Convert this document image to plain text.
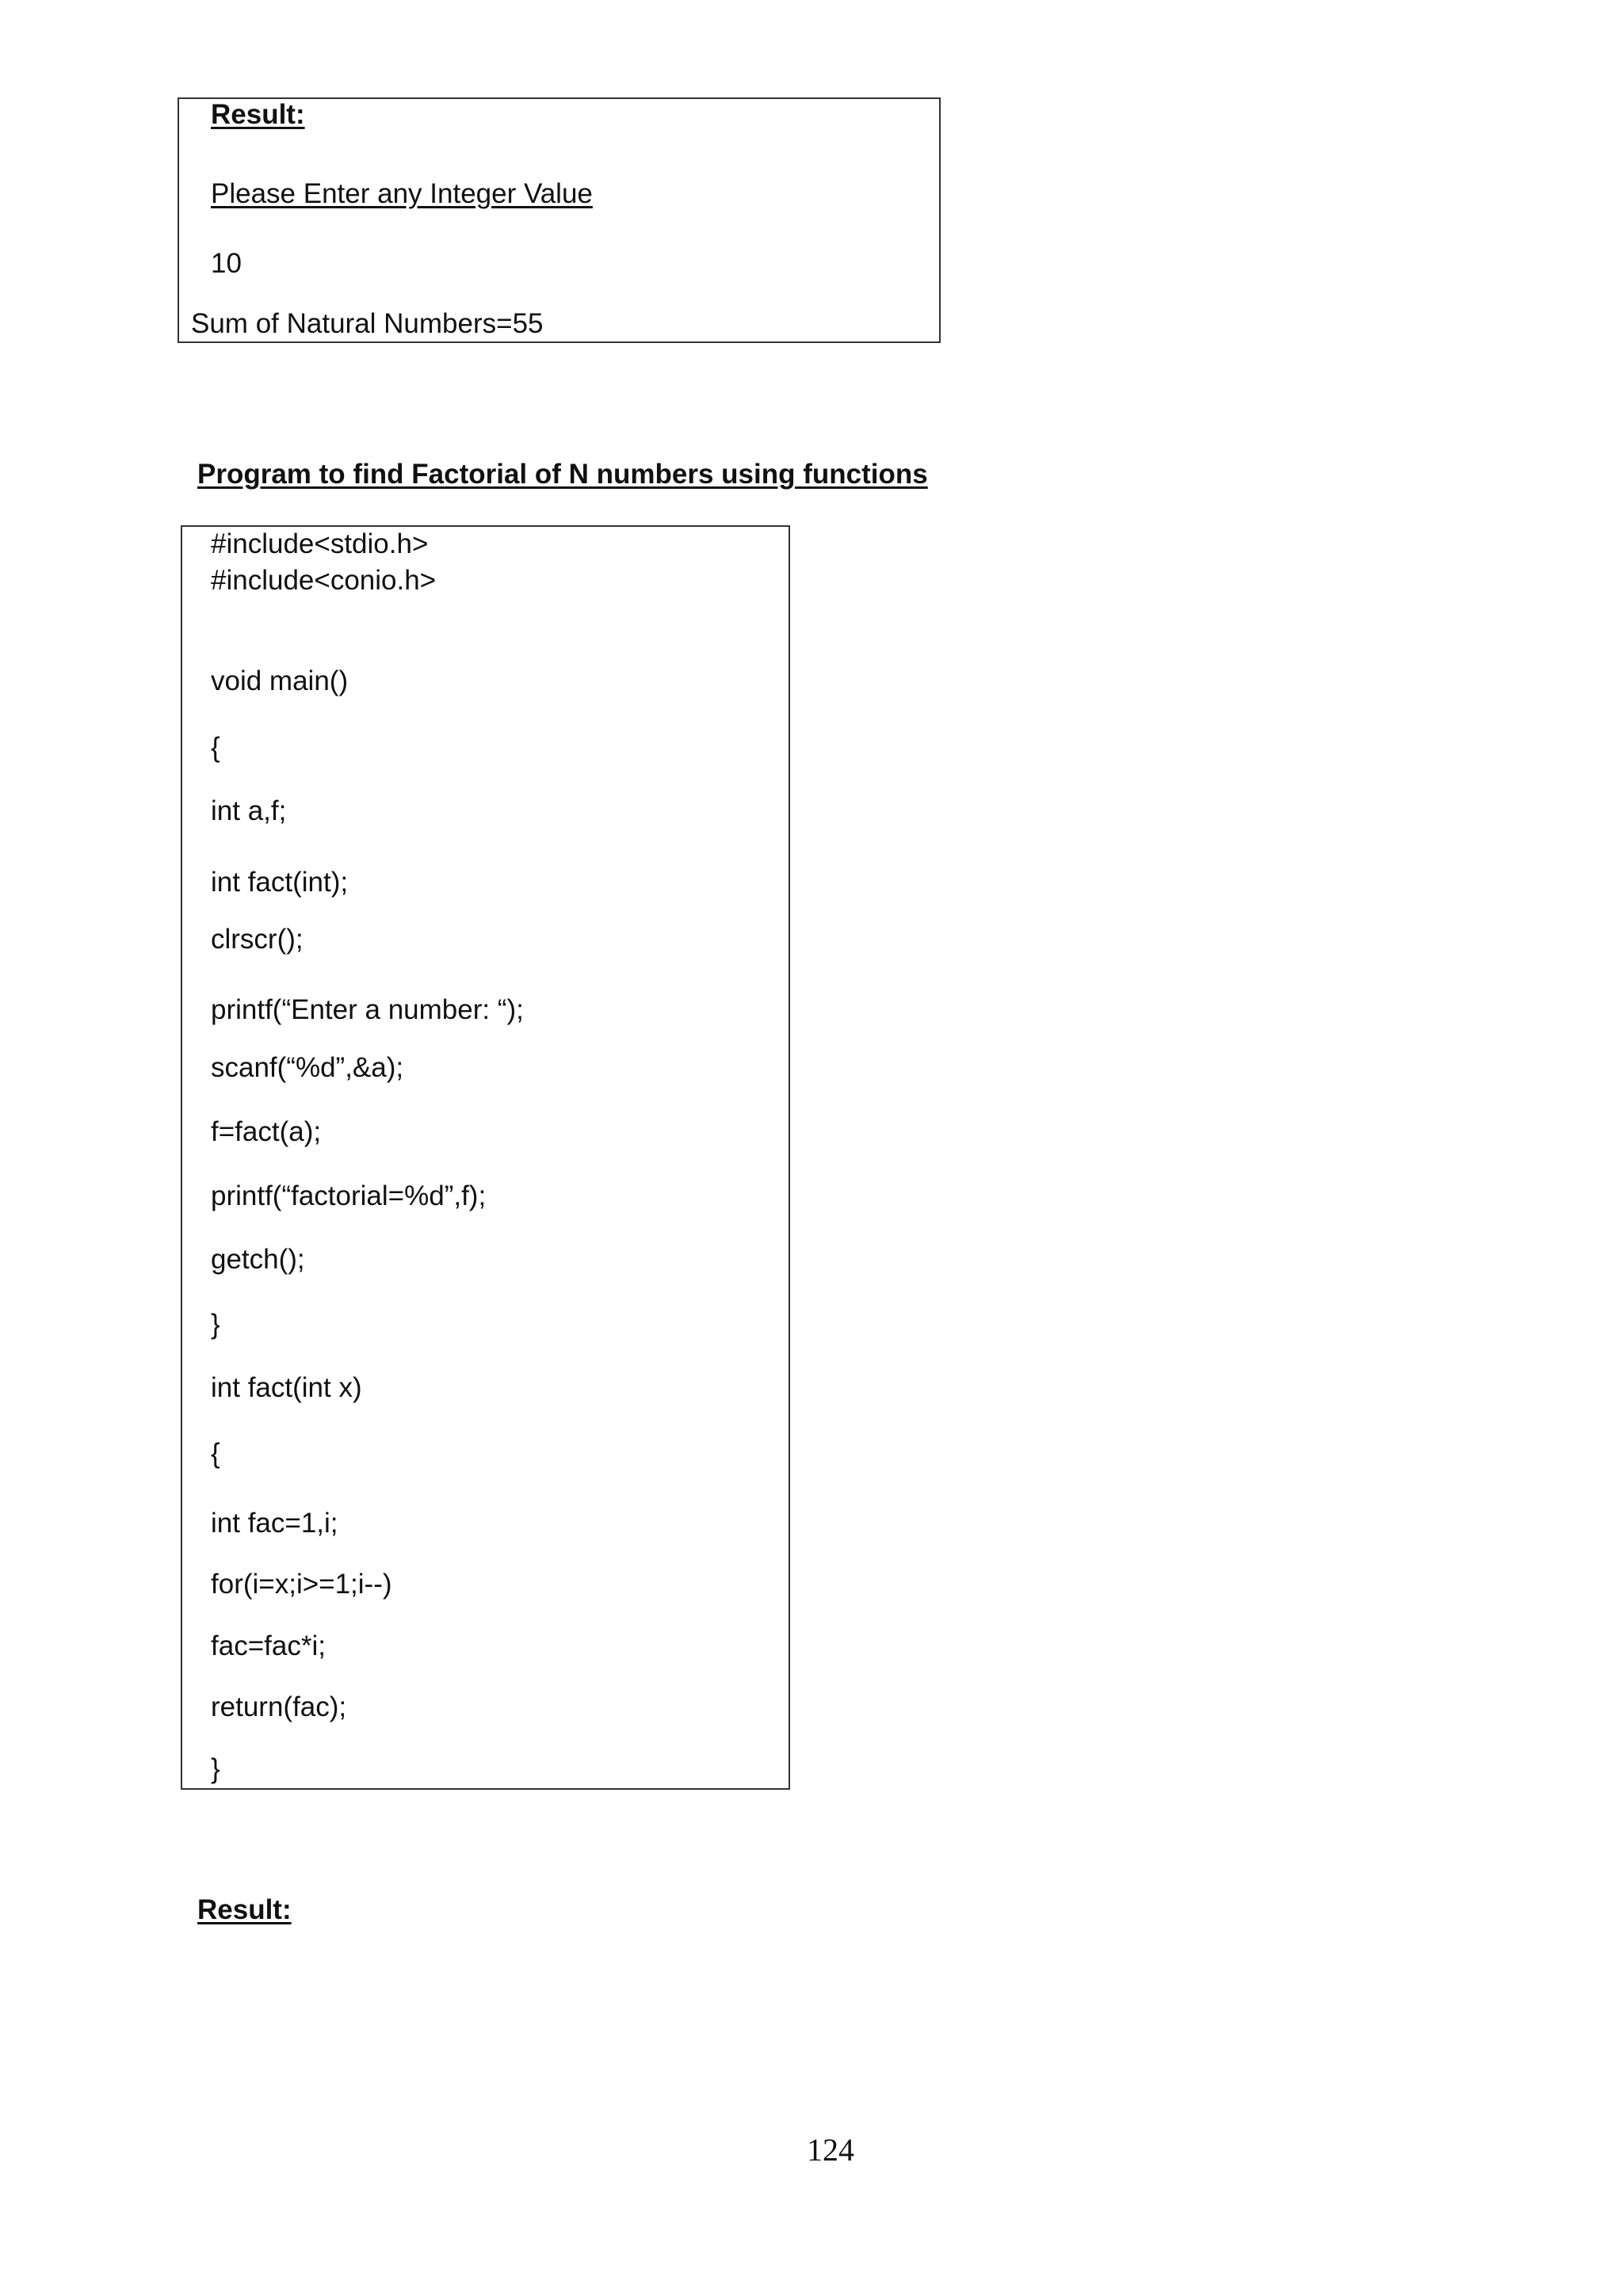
Result:

Please Enter any Integer Value

10

Sum of Natural Numbers=55

Program to find Factorial of N numbers using functions

#include<stdio.h>

#include<conio.h>

void main()

{

int a,f;

int fact(int);

clrscr();

printf(“Enter a number: “);

scanf(“%d”,&a);

f=fact(a);

printf(“factorial=%d”,f);

getch();

}

int fact(int x)

{

int fac=1,i;

for(i=x;i>=1;i--)

fac=fac*i;

return(fac);

}

Result:

124
